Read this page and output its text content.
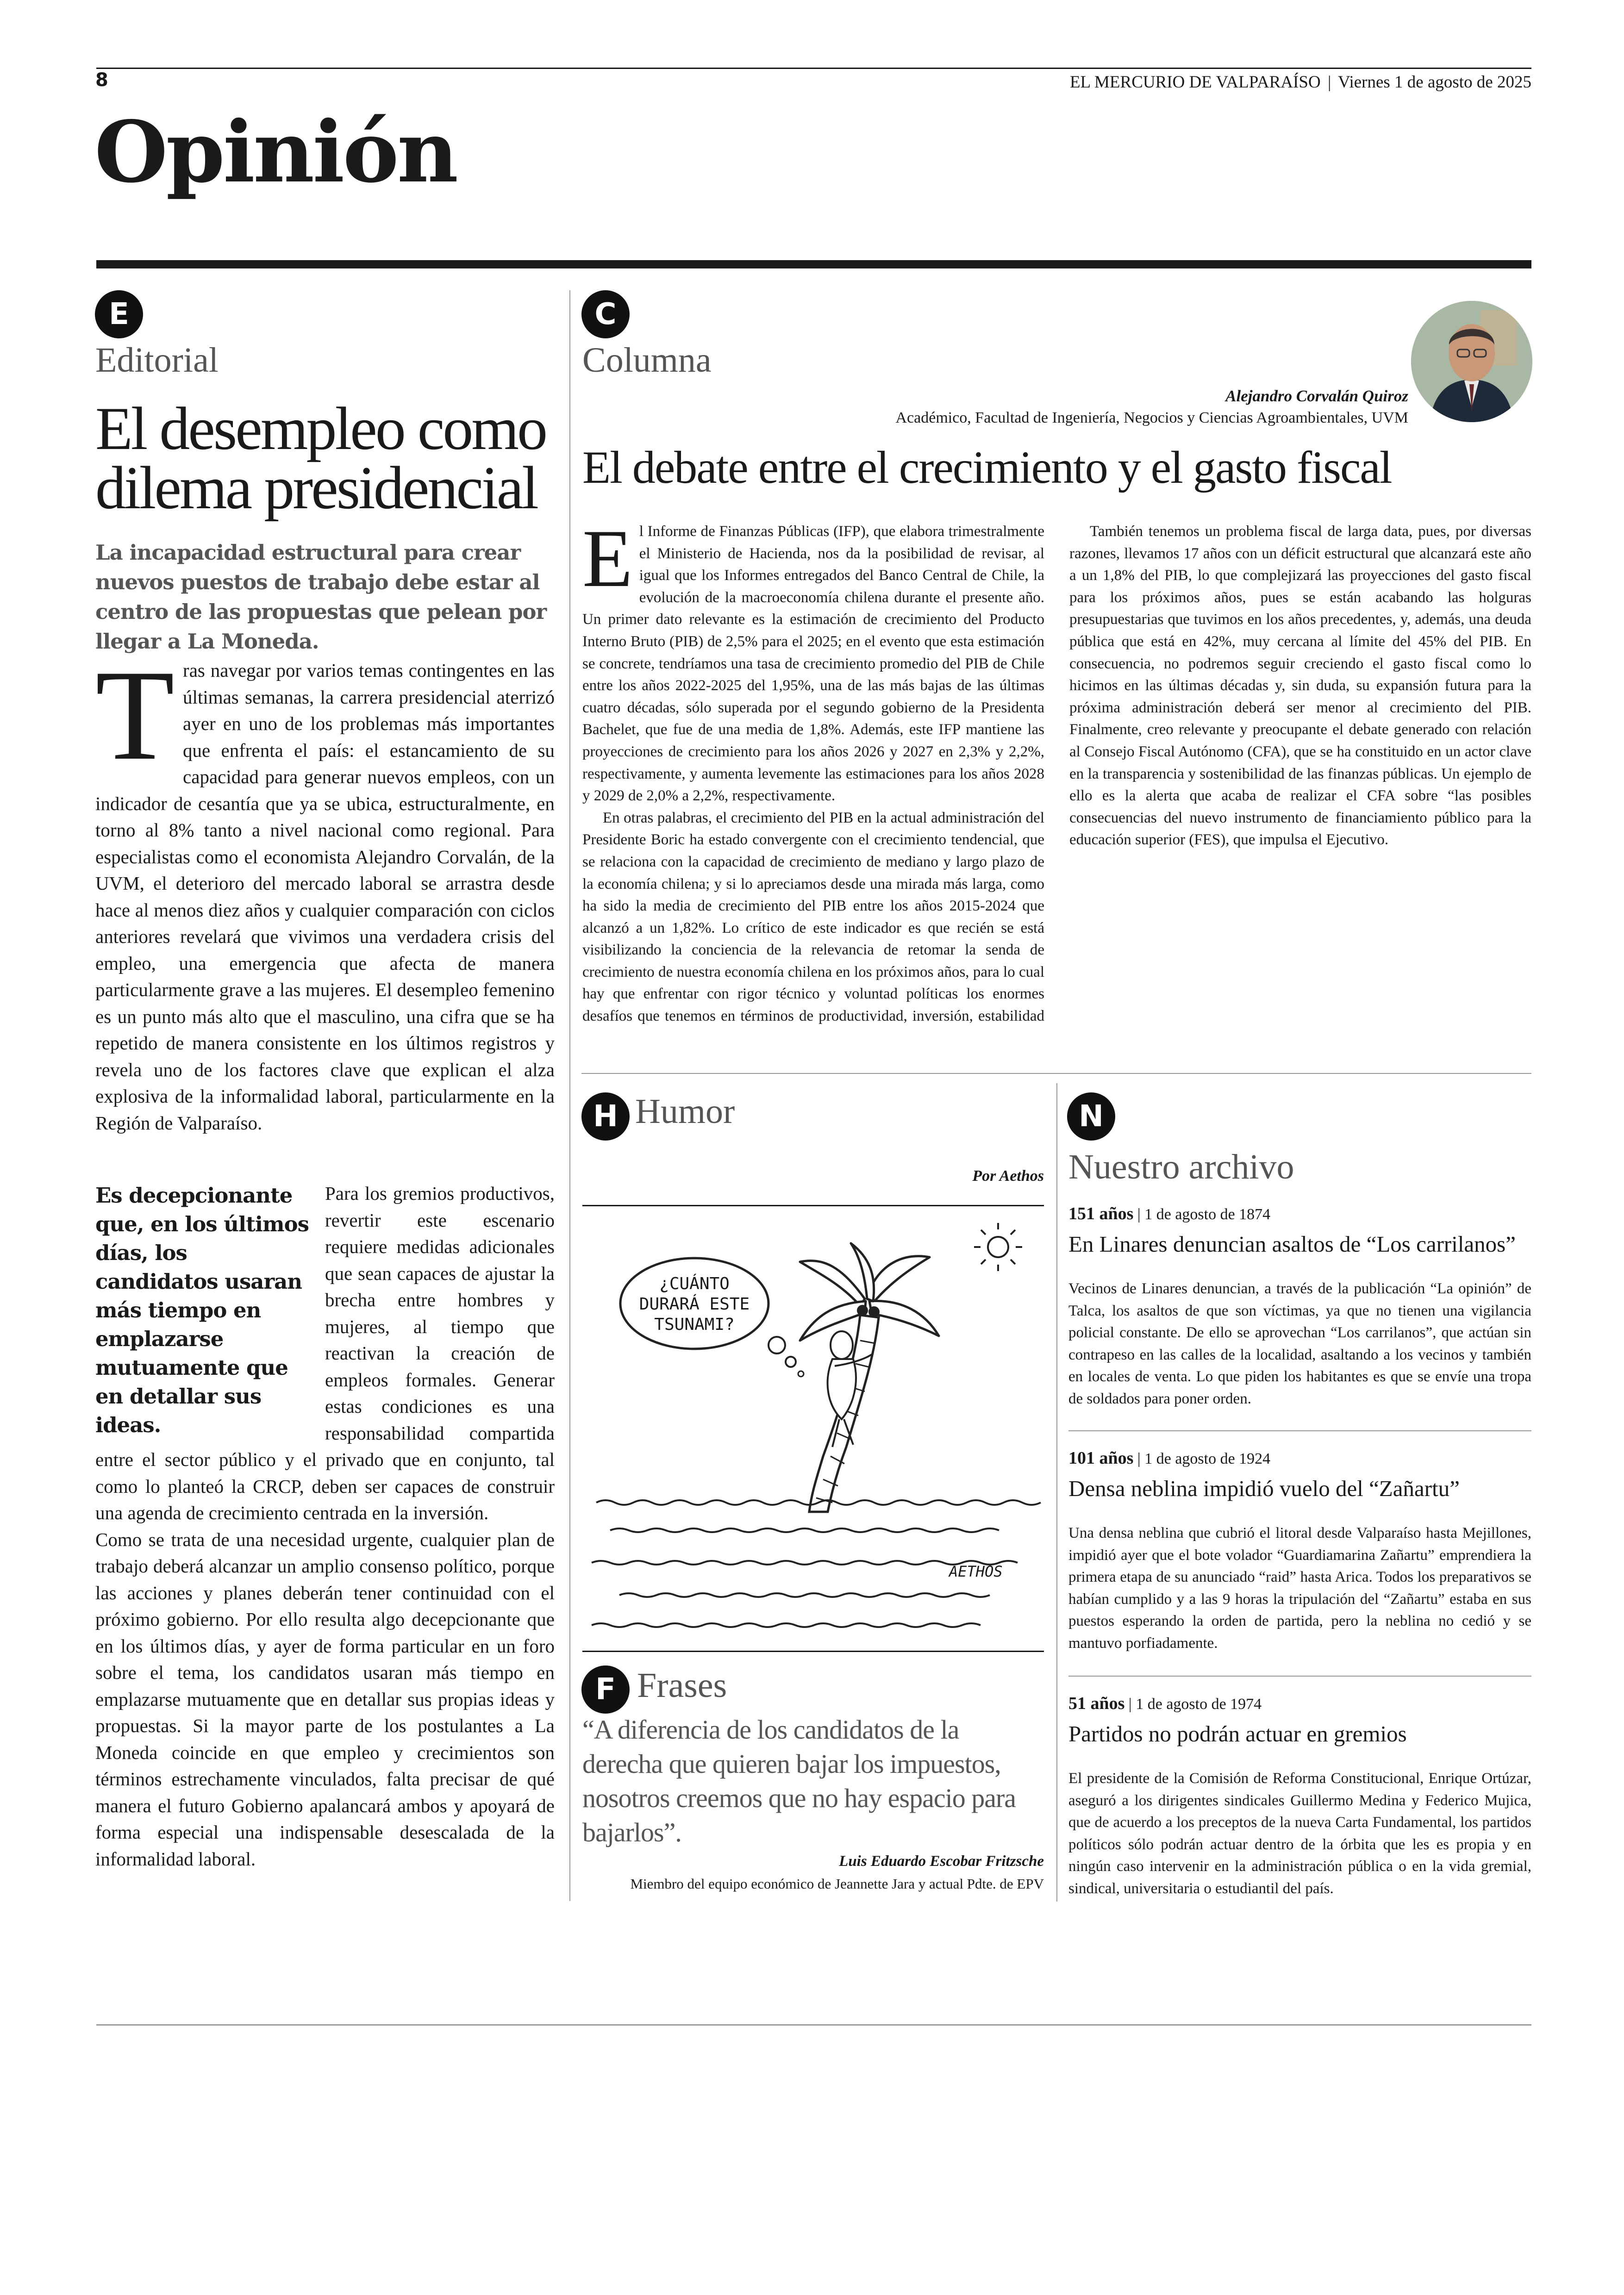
8	EL MERCURIO DE VALPARAÍSO | Viernes 1 de agosto de 2025
Opinión
E
Editorial
El desempleo como dilema presidencial
La incapacidad estructural para crear nuevos puestos de trabajo debe estar al centro de las propuestas que pelean por llegar a La Moneda.

Tras navegar por varios temas contingentes en las últimas semanas, la carrera presidencial aterrizó ayer en uno de los problemas más importantes que enfrenta el país: el estancamiento de su capacidad para generar nuevos empleos, con un indicador de cesantía que ya se ubica, estructuralmente, en torno al 8% tanto a nivel nacional como regional. Para especialistas como el economista Alejandro Corvalán, de la UVM, el deterioro del mercado laboral se arrastra desde hace al menos diez años y cualquier comparación con ciclos anteriores revelará que vivimos una verdadera crisis del empleo, una emergencia que afecta de manera particularmente grave a las mujeres. El desempleo femenino es un punto más alto que el masculino, una cifra que se ha repetido de manera consistente en los últimos registros y revela uno de los factores clave que explican el alza explosiva de la informalidad laboral, particularmente en la Región de Valparaíso.

Es decepcionante que, en los últimos días, los candidatos usaran más tiempo en emplazarse mutuamente que en detallar sus ideas.

Para los gremios productivos, revertir este escenario requiere medidas adicionales que sean capaces de ajustar la brecha entre hombres y mujeres, al tiempo que reactivan la creación de empleos formales. Generar estas condiciones es una responsabilidad compartida entre el sector público y el privado que en conjunto, tal como lo planteó la CRCP, deben ser capaces de construir una agenda de crecimiento centrada en la inversión.

Como se trata de una necesidad urgente, cualquier plan de trabajo deberá alcanzar un amplio consenso político, porque las acciones y planes deberán tener continuidad con el próximo gobierno. Por ello resulta algo decepcionante que en los últimos días, y ayer de forma particular en un foro sobre el tema, los candidatos usaran más tiempo en emplazarse mutuamente que en detallar sus propias ideas y propuestas. Si la mayor parte de los postulantes a La Moneda coincide en que empleo y crecimientos son términos estrechamente vinculados, falta precisar de qué manera el futuro Gobierno apalancará ambos y apoyará de forma especial una indispensable desescalada de la informalidad laboral.

C
Columna
Alejandro Corvalán Quiroz
Académico, Facultad de Ingeniería, Negocios y Ciencias Agroambientales, UVM
El debate entre el crecimiento y el gasto fiscal

El Informe de Finanzas Públicas (IFP), que elabora trimestralmente el Ministerio de Hacienda, nos da la posibilidad de revisar, al igual que los Informes entregados del Banco Central de Chile, la evolución de la macroeconomía chilena durante el presente año. Un primer dato relevante es la estimación de crecimiento del Producto Interno Bruto (PIB) de 2,5% para el 2025; en el evento que esta estimación se concrete, tendríamos una tasa de crecimiento promedio del PIB de Chile entre los años 2022-2025 del 1,95%, una de las más bajas de las últimas cuatro décadas, sólo superada por el segundo gobierno de la Presidenta Bachelet, que fue de una media de 1,8%. Además, este IFP mantiene las proyecciones de crecimiento para los años 2026 y 2027 en 2,3% y 2,2%, respectivamente, y aumenta levemente las estimaciones para los años 2028 y 2029 de 2,0% a 2,2%, respectivamente.

En otras palabras, el crecimiento del PIB en la actual administración del Presidente Boric ha estado convergente con el crecimiento tendencial, que se relaciona con la capacidad de crecimiento de mediano y largo plazo de la economía chilena; y si lo apreciamos desde una mirada más larga, como ha sido la media de crecimiento del PIB entre los años 2015-2024 que alcanzó a un 1,82%. Lo crítico de este indicador es que recién se está visibilizando la conciencia de la relevancia de retomar la senda de crecimiento de nuestra economía chilena en los próximos años, para lo cual hay que enfrentar con rigor técnico y voluntad políticas los enormes desafíos que tenemos en términos de productividad, inversión, estabilidad

También tenemos un problema fiscal de larga data, pues, por diversas razones, llevamos 17 años con un déficit estructural que alcanzará este año a un 1,8% del PIB, lo que complejizará las proyecciones del gasto fiscal para los próximos años, pues se están acabando las holguras presupuestarias que tuvimos en los años precedentes, y, además, una deuda pública que está en 42%, muy cercana al límite del 45% del PIB. En consecuencia, no podremos seguir creciendo el gasto fiscal como lo hicimos en las últimas décadas y, sin duda, su expansión futura para la próxima administración deberá ser menor al crecimiento del PIB. Finalmente, creo relevante y preocupante el debate generado con relación al Consejo Fiscal Autónomo (CFA), que se ha constituido en un actor clave en la transparencia y sostenibilidad de las finanzas públicas. Un ejemplo de ello es la alerta que acaba de realizar el CFA sobre “las posibles consecuencias del nuevo instrumento de financiamiento público para la educación superior (FES), que impulsa el Ejecutivo.

H Humor
Por Aethos
¿CUÁNTO
DURARÁ ESTE
TSUNAMI?
AETHOS
F Frases
“A diferencia de los candidatos de la derecha que quieren bajar los impuestos, nosotros creemos que no hay espacio para bajarlos”.
Luis Eduardo Escobar Fritzsche
Miembro del equipo económico de Jeannette Jara y actual Pdte. de EPV
N
Nuestro archivo
151 años | 1 de agosto de 1874
En Linares denuncian asaltos de “Los carrilanos”

Vecinos de Linares denuncian, a través de la publicación “La opinión” de Talca, los asaltos de que son víctimas, ya que no tienen una vigilancia policial constante. De ello se aprovechan “Los carrilanos”, que actúan sin contrapeso en las calles de la localidad, asaltando a los vecinos y también en locales de venta. Lo que piden los habitantes es que se envíe una tropa de soldados para poner orden.

101 años | 1 de agosto de 1924
Densa neblina impidió vuelo del “Zañartu”

Una densa neblina que cubrió el litoral desde Valparaíso hasta Mejillones, impidió ayer que el bote volador “Guardiamarina Zañartu” emprendiera la primera etapa de su anunciado “raid” hasta Arica. Todos los preparativos se habían cumplido y a las 9 horas la tripulación del “Zañartu” estaba en sus puestos esperando la orden de partida, pero la neblina no cedió y se mantuvo porfiadamente.

51 años | 1 de agosto de 1974
Partidos no podrán actuar en gremios

El presidente de la Comisión de Reforma Constitucional, Enrique Ortúzar, aseguró a los dirigentes sindicales Guillermo Medina y Federico Mujica, que de acuerdo a los preceptos de la nueva Carta Fundamental, los partidos políticos sólo podrán actuar dentro de la órbita que les es propia y en ningún caso intervenir en la administración pública o en la vida gremial, sindical, universitaria o estudiantil del país.
